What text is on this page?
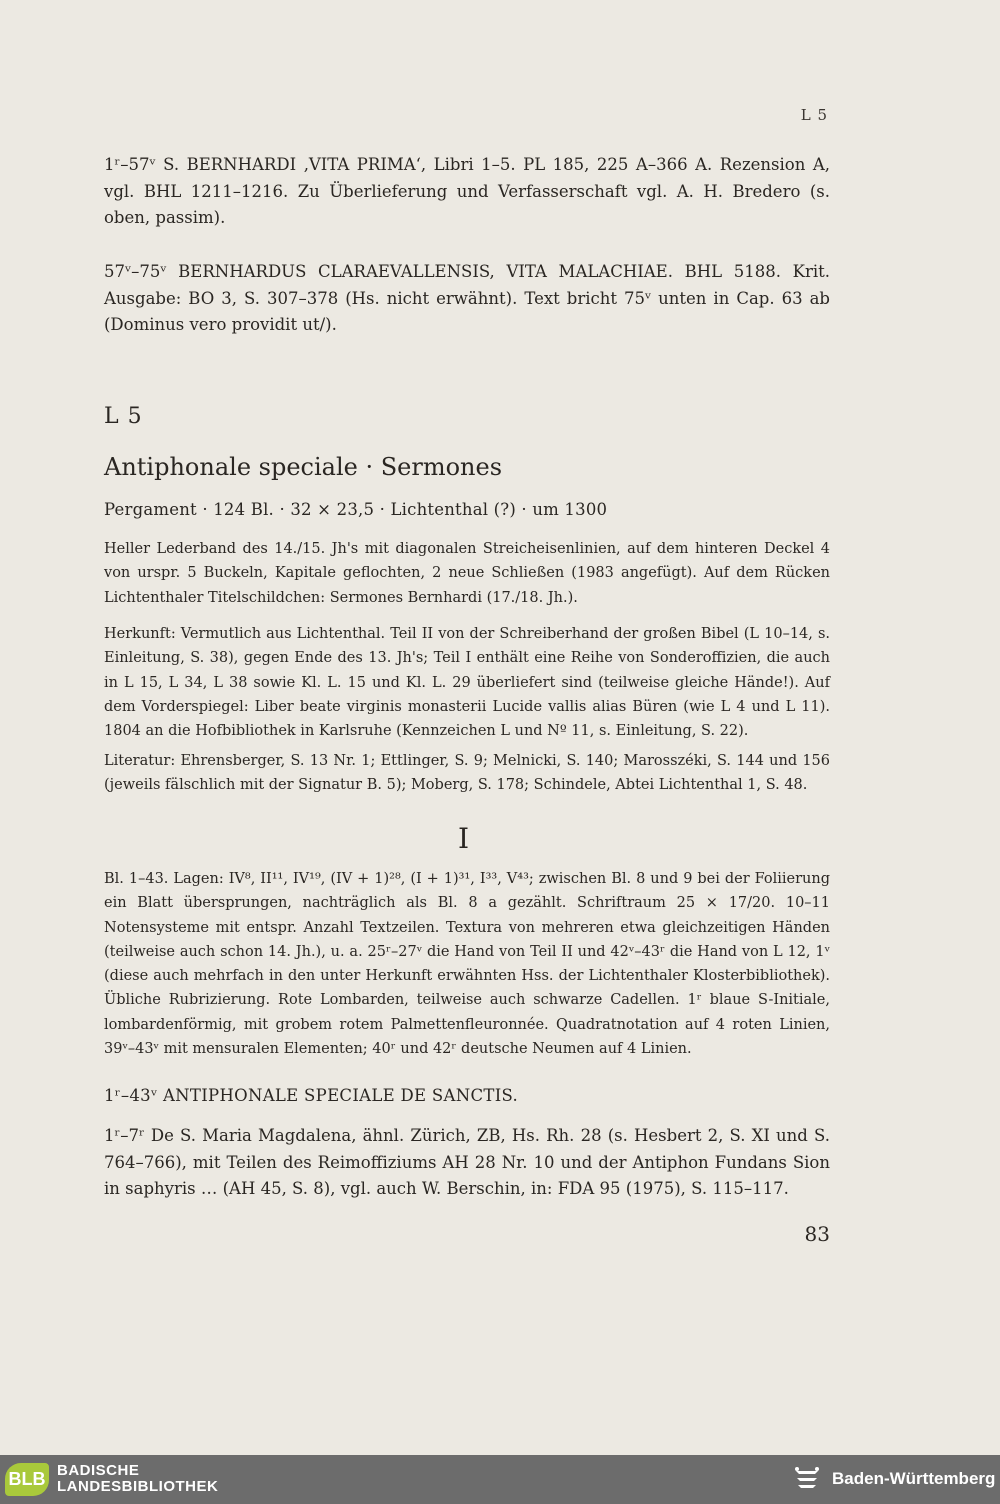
L 5
1ʳ–57ᵛ S. BERNHARDI ‚VITA PRIMA‘, Libri 1–5. PL 185, 225 A–366 A. Rezension A, vgl. BHL 1211–1216. Zu Überlieferung und Verfasserschaft vgl. A. H. Bredero (s. oben, passim).
57ᵛ–75ᵛ BERNHARDUS CLARAEVALLENSIS, VITA MALACHIAE. BHL 5188. Krit. Ausgabe: BO 3, S. 307–378 (Hs. nicht erwähnt). Text bricht 75ᵛ unten in Cap. 63 ab (Dominus vero providit ut/).
L 5
Antiphonale speciale · Sermones
Pergament · 124 Bl. · 32 × 23,5 · Lichtenthal (?) · um 1300
Heller Lederband des 14./15. Jh's mit diagonalen Streicheisenlinien, auf dem hinteren Deckel 4 von urspr. 5 Buckeln, Kapitale geflochten, 2 neue Schließen (1983 angefügt). Auf dem Rücken Lichtenthaler Titelschildchen: Sermones Bernhardi (17./18. Jh.).
Herkunft: Vermutlich aus Lichtenthal. Teil II von der Schreiberhand der großen Bibel (L 10–14, s. Einleitung, S. 38), gegen Ende des 13. Jh's; Teil I enthält eine Reihe von Sonderoffizien, die auch in L 15, L 34, L 38 sowie Kl. L. 15 und Kl. L. 29 überliefert sind (teilweise gleiche Hände!). Auf dem Vorderspiegel: Liber beate virginis monasterii Lucide vallis alias Büren (wie L 4 und L 11). 1804 an die Hofbibliothek in Karlsruhe (Kennzeichen L und Nº 11, s. Einleitung, S. 22).
Literatur: Ehrensberger, S. 13 Nr. 1; Ettlinger, S. 9; Melnicki, S. 140; Marosszéki, S. 144 und 156 (jeweils fälschlich mit der Signatur B. 5); Moberg, S. 178; Schindele, Abtei Lichtenthal 1, S. 48.
I
Bl. 1–43. Lagen: IV⁸, II¹¹, IV¹⁹, (IV + 1)²⁸, (I + 1)³¹, I³³, V⁴³; zwischen Bl. 8 und 9 bei der Foliierung ein Blatt übersprungen, nachträglich als Bl. 8 a gezählt. Schriftraum 25 × 17/20. 10–11 Notensysteme mit entspr. Anzahl Textzeilen. Textura von mehreren etwa gleichzeitigen Händen (teilweise auch schon 14. Jh.), u. a. 25ʳ–27ᵛ die Hand von Teil II und 42ᵛ–43ʳ die Hand von L 12, 1ᵛ (diese auch mehrfach in den unter Herkunft erwähnten Hss. der Lichtenthaler Klosterbibliothek). Übliche Rubrizierung. Rote Lombarden, teilweise auch schwarze Cadellen. 1ʳ blaue S-Initiale, lombardenförmig, mit grobem rotem Palmettenfleuronnée. Quadratnotation auf 4 roten Linien, 39ᵛ–43ᵛ mit mensuralen Elementen; 40ʳ und 42ʳ deutsche Neumen auf 4 Linien.
1ʳ–43ᵛ ANTIPHONALE SPECIALE DE SANCTIS.
1ʳ–7ʳ De S. Maria Magdalena, ähnl. Zürich, ZB, Hs. Rh. 28 (s. Hesbert 2, S. XI und S. 764–766), mit Teilen des Reimoffiziums AH 28 Nr. 10 und der Antiphon Fundans Sion in saphyris … (AH 45, S. 8), vgl. auch W. Berschin, in: FDA 95 (1975), S. 115–117.
83
BLB BADISCHE
LANDESBIBLIOTHEK	Baden-Württemberg
